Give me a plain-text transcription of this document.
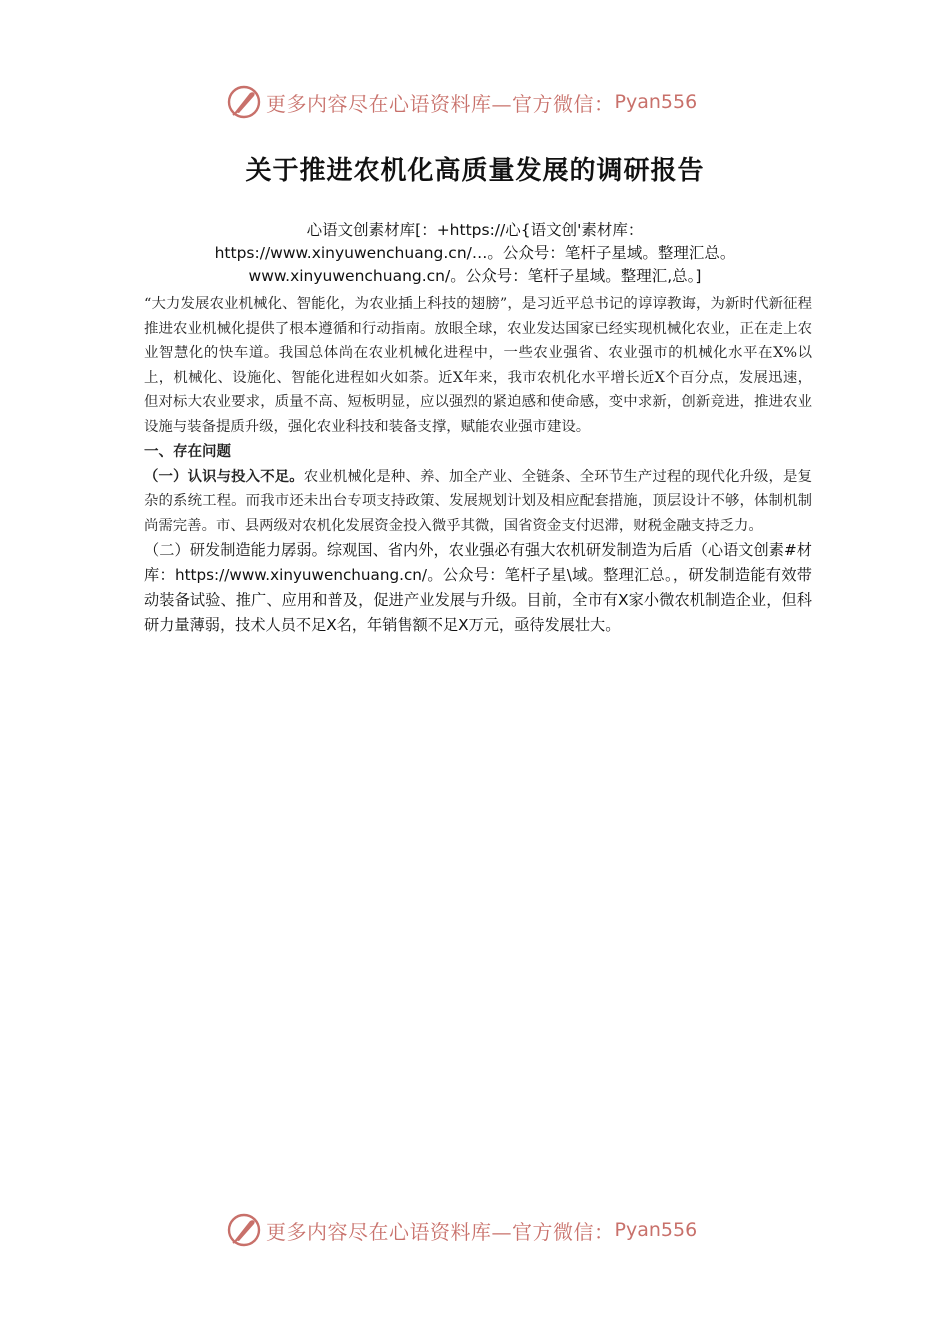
更多内容尽在心语资料库—官方微信： Pyan556
关于推进农机化高质量发展的调研报告
心语文创素材库[：+https://心{语文创'素材库：https://www.xinyuwenchuang.cn/…。公众号：笔杆子星域。整理汇总。www.xinyuwenchuang.cn/。公众号：笔杆子星域。整理汇,总。]

“大力发展农业机械化、智能化，为农业插上科技的翅膀”，是习近平总书记的谆谆教诲，为新时代新征程推进农业机械化提供了根本遵循和行动指南。放眼全球，农业发达国家已经实现机械化农业，正在走上农业智慧化的快车道。我国总体尚在农业机械化进程中，一些农业强省、农业强市的机械化水平在X%以上，机械化、设施化、智能化进程如火如荼。近X年来，我市农机化水平增长近X个百分点，发展迅速，但对标大农业要求，质量不高、短板明显，应以强烈的紧迫感和使命感，变中求新，创新竞进，推进农业设施与装备提质升级，强化农业科技和装备支撑，赋能农业强市建设。

一、存在问题

（一）认识与投入不足。农业机械化是种、养、加全产业、全链条、全环节生产过程的现代化升级，是复杂的系统工程。而我市还未出台专项支持政策、发展规划计划及相应配套措施，顶层设计不够，体制机制尚需完善。市、县两级对农机化发展资金投入微乎其微，国省资金支付迟滞，财税金融支持乏力。

（二）研发制造能力孱弱。综观国、省内外，农业强必有强大农机研发制造为后盾（心语文创素#材库：https://www.xinyuwenchuang.cn/。公众号：笔杆子星\域。整理汇总。，研发制造能有效带动装备试验、推广、应用和普及，促进产业发展与升级。目前，全市有X家小微农机制造企业，但科研力量薄弱，技术人员不足X名，年销售额不足X万元，亟待发展壮大。

更多内容尽在心语资料库—官方微信： Pyan556
